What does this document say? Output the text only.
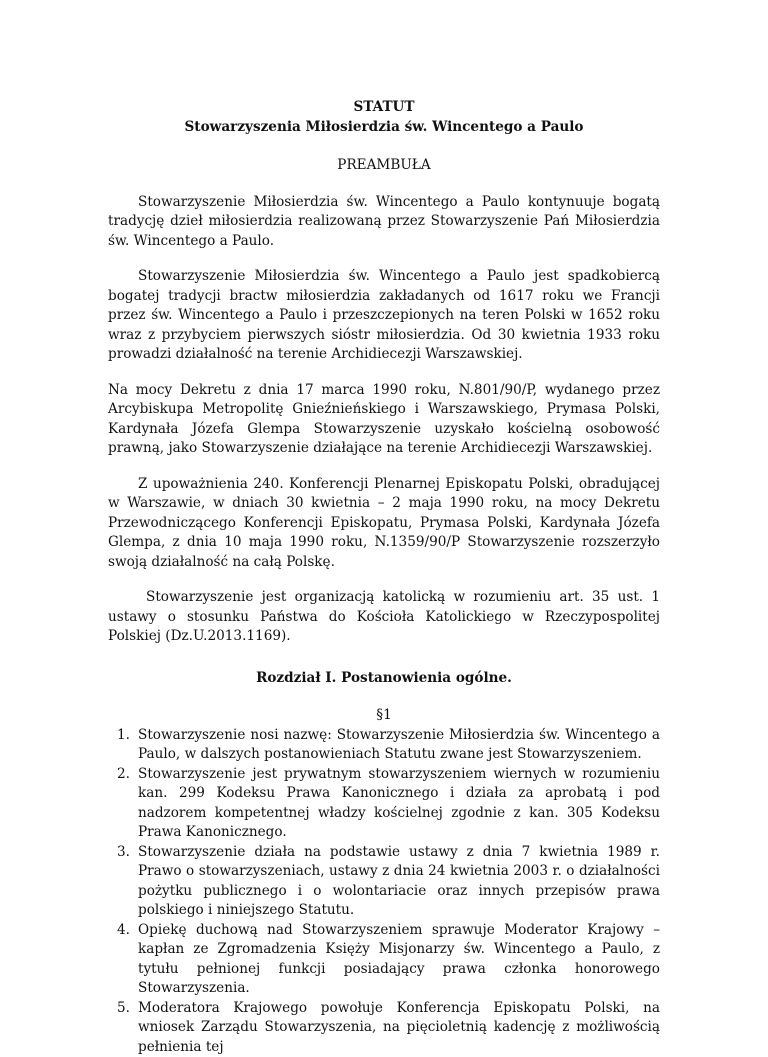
STATUT

Stowarzyszenia Miłosierdzia św. Wincentego a Paulo

PREAMBUŁA

Stowarzyszenie Miłosierdzia św. Wincentego a Paulo kontynuuje bogatą tradycję dzieł miłosierdzia realizowaną przez Stowarzyszenie Pań Miłosierdzia św. Wincentego a Paulo.

Stowarzyszenie Miłosierdzia św. Wincentego a Paulo jest spadkobiercą bogatej tradycji bractw miłosierdzia zakładanych od 1617 roku we Francji przez św. Wincentego a Paulo i przeszczepionych na teren Polski w 1652 roku wraz z przybyciem pierwszych sióstr miłosierdzia. Od 30 kwietnia 1933 roku prowadzi działalność na terenie Archidiecezji Warszawskiej.

Na mocy Dekretu z dnia 17 marca 1990 roku, N.801/90/P, wydanego przez Arcybiskupa Metropolitę Gnieźnieńskiego i Warszawskiego, Prymasa Polski, Kardynała Józefa Glempa Stowarzyszenie uzyskało kościelną osobowość prawną, jako Stowarzyszenie działające na terenie Archidiecezji Warszawskiej.

Z upoważnienia 240. Konferencji Plenarnej Episkopatu Polski, obradującej w Warszawie, w dniach 30 kwietnia – 2 maja 1990 roku, na mocy Dekretu Przewodniczącego Konferencji Episkopatu, Prymasa Polski, Kardynała Józefa Glempa, z dnia 10 maja 1990 roku, N.1359/90/P Stowarzyszenie rozszerzyło swoją działalność na całą Polskę.

Stowarzyszenie jest organizacją katolicką w rozumieniu art. 35 ust. 1 ustawy o stosunku Państwa do Kościoła Katolickiego w Rzeczypospolitej Polskiej (Dz.U.2013.1169).

Rozdział I. Postanowienia ogólne.
§1
1. Stowarzyszenie nosi nazwę: Stowarzyszenie Miłosierdzia św. Wincentego a Paulo, w dalszych postanowieniach Statutu zwane jest Stowarzyszeniem.
2. Stowarzyszenie jest prywatnym stowarzyszeniem wiernych w rozumieniu kan. 299 Kodeksu Prawa Kanonicznego i działa za aprobatą i pod nadzorem kompetentnej władzy kościelnej zgodnie z kan. 305 Kodeksu Prawa Kanonicznego.
3. Stowarzyszenie działa na podstawie ustawy z dnia 7 kwietnia 1989 r. Prawo o stowarzyszeniach, ustawy z dnia 24 kwietnia 2003 r. o działalności pożytku publicznego i o wolontariacie oraz innych przepisów prawa polskiego i niniejszego Statutu.
4. Opiekę duchową nad Stowarzyszeniem sprawuje Moderator Krajowy – kapłan ze Zgromadzenia Księży Misjonarzy św. Wincentego a Paulo, z tytułu pełnionej funkcji posiadający prawa członka honorowego Stowarzyszenia.
5. Moderatora Krajowego powołuje Konferencja Episkopatu Polski, na wniosek Zarządu Stowarzyszenia, na pięcioletnią kadencję z możliwością pełnienia tej
